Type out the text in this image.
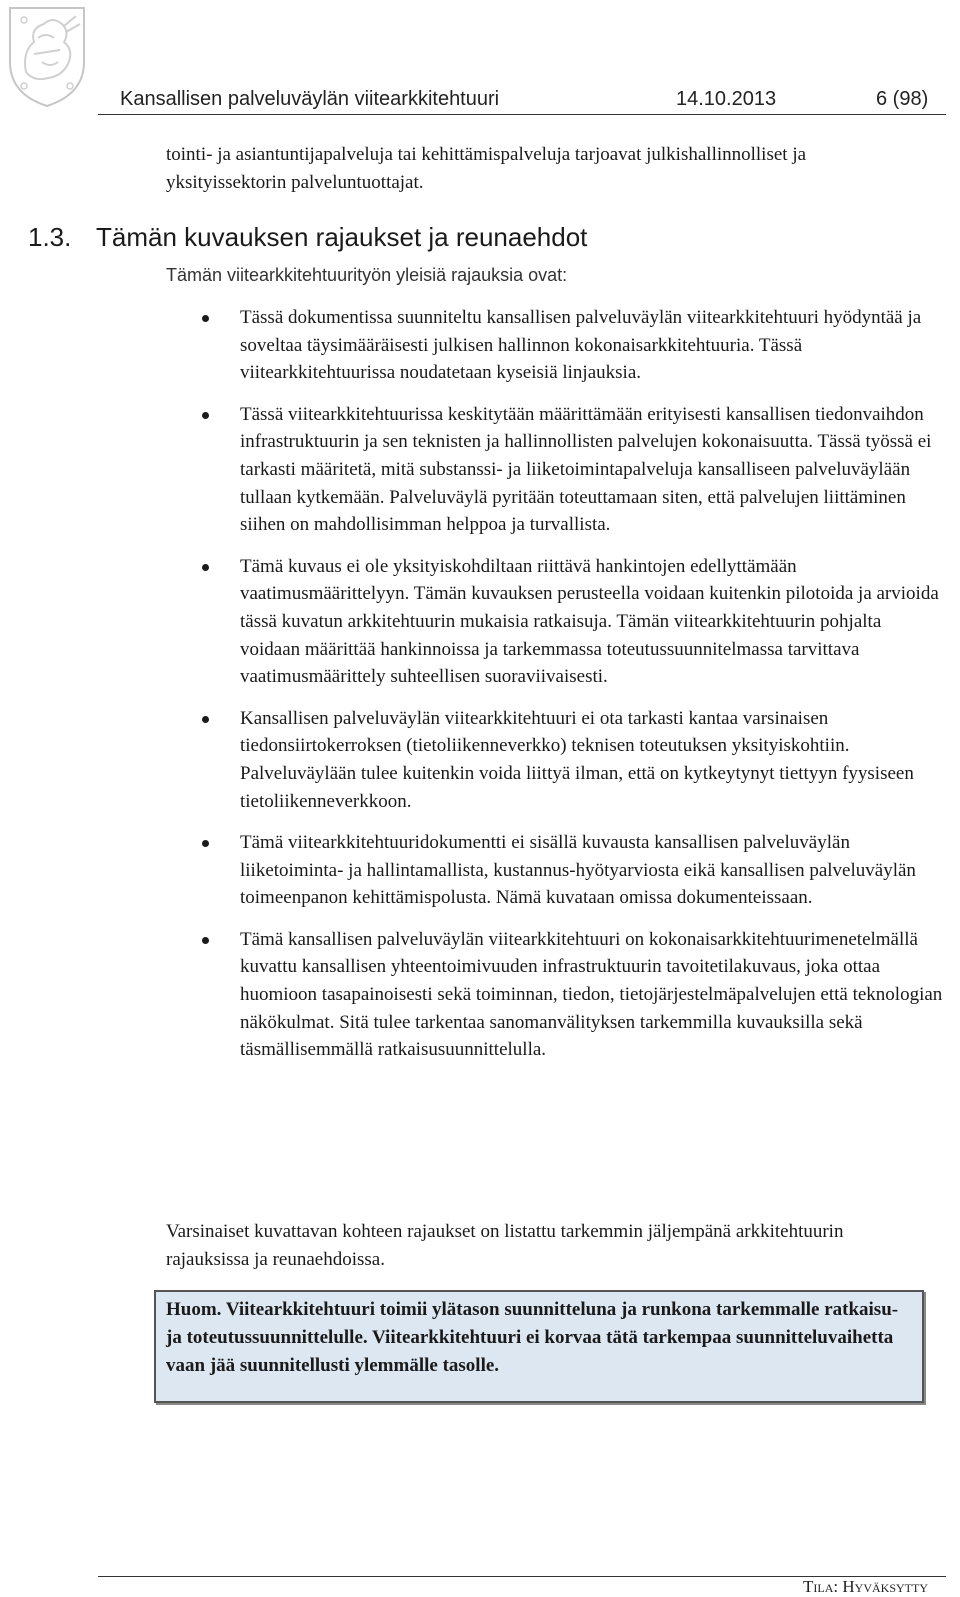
Kansallisen palveluväylän viitearkkitehtuuri	14.10.2013	6 (98)

tointi- ja asiantuntijapalveluja tai kehittämispalveluja tarjoavat julkishallinnolliset ja yksityissektorin palveluntuottajat.

1.3. Tämän kuvauksen rajaukset ja reunaehdot
Tämän viitearkkitehtuurityön yleisiä rajauksia ovat:
Tässä dokumentissa suunniteltu kansallisen palveluväylän viitearkkitehtuuri hyödyntää ja soveltaa täysimääräisesti julkisen hallinnon kokonaisarkkitehtuuria. Tässä viitearkkitehtuurissa noudatetaan kyseisiä linjauksia.
Tässä viitearkkitehtuurissa keskitytään määrittämään erityisesti kansallisen tiedonvaihdon infrastruktuurin ja sen teknisten ja hallinnollisten palvelujen kokonaisuutta. Tässä työssä ei tarkasti määritetä, mitä substanssi- ja liiketoimintapalveluja kansalliseen palveluväylään tullaan kytkemään. Palveluväylä pyritään toteuttamaan siten, että palvelujen liittäminen siihen on mahdollisimman helppoa ja turvallista.
Tämä kuvaus ei ole yksityiskohdiltaan riittävä hankintojen edellyttämään vaatimusmäärittelyyn. Tämän kuvauksen perusteella voidaan kuitenkin pilotoida ja arvioida tässä kuvatun arkkitehtuurin mukaisia ratkaisuja. Tämän viitearkkitehtuurin pohjalta voidaan määrittää hankinnoissa ja tarkemmassa toteutussuunnitelmassa tarvittava vaatimusmäärittely suhteellisen suoraviivaisesti.
Kansallisen palveluväylän viitearkkitehtuuri ei ota tarkasti kantaa varsinaisen tiedonsiirtokerroksen (tietoliikenneverkko) teknisen toteutuksen yksityiskohtiin. Palveluväylään tulee kuitenkin voida liittyä ilman, että on kytkeytynyt tiettyyn fyysiseen tietoliikenneverkkoon.
Tämä viitearkkitehtuuridokumentti ei sisällä kuvausta kansallisen palveluväylän liiketoiminta- ja hallintamallista, kustannus-hyötyarviosta eikä kansallisen palveluväylän toimeenpanon kehittämispolusta. Nämä kuvataan omissa dokumenteissaan.
Tämä kansallisen palveluväylän viitearkkitehtuuri on kokonaisarkkitehtuurimenetelmällä kuvattu kansallisen yhteentoimivuuden infrastruktuurin tavoitetilakuvaus, joka ottaa huomioon tasapainoisesti sekä toiminnan, tiedon, tietojärjestelmäpalvelujen että teknologian näkökulmat. Sitä tulee tarkentaa sanomanvälityksen tarkemmilla kuvauksilla sekä täsmällisemmällä ratkaisusuunnittelulla.

Varsinaiset kuvattavan kohteen rajaukset on listattu tarkemmin jäljempänä arkkitehtuurin rajauksissa ja reunaehdoissa.

Huom. Viitearkkitehtuuri toimii ylätason suunnitteluna ja runkona tarkemmalle ratkaisu- ja toteutussuunnittelulle. Viitearkkitehtuuri ei korvaa tätä tarkempaa suunnitteluvaihetta vaan jää suunnitellusti ylemmälle tasolle.
Tila: Hyväksytty
